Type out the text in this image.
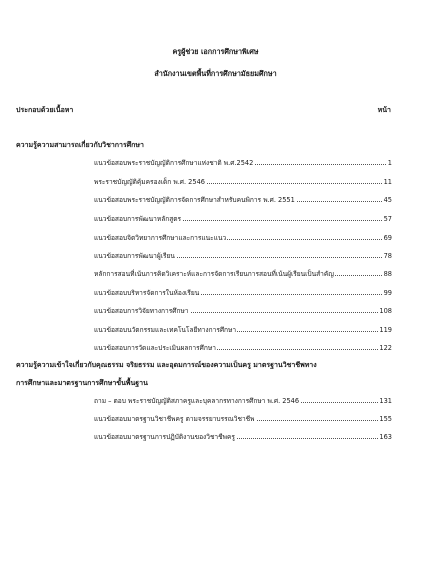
ครูผู้ช่วย เอกการศึกษาพิเศษ
สำนักงานเขตพื้นที่การศึกษามัธยมศึกษา
ประกอบด้วยเนื้อหา	หน้า
ความรู้ความสามารถเกี่ยวกับวิชาการศึกษา
แนวข้อสอบพระราชบัญญัติการศึกษาแห่งชาติ พ.ศ.2542	1
พระราชบัญญัติคุ้มครองเด็ก พ.ศ. 2546	11
แนวข้อสอบพระราชบัญญัติการจัดการศึกษาสำหรับคนพิการ พ.ศ. 2551	45
แนวข้อสอบการพัฒนาหลักสูตร	57
แนวข้อสอบจิตวิทยาการศึกษาและการแนะแนว	69
แนวข้อสอบการพัฒนาผู้เรียน	78
หลักการสอนที่เน้นการคิดวิเคราะห์และการจัดการเรียนการสอนที่เน้นผู้เรียนเป็นสำคัญ	88
แนวข้อสอบบริหารจัดการในห้องเรียน	99
แนวข้อสอบการวิจัยทางการศึกษา	108
แนวข้อสอบนวัตกรรมและเทคโนโลยีทางการศึกษา	119
แนวข้อสอบการวัดและประเมินผลการศึกษา	122
ความรู้ความเข้าใจเกี่ยวกับคุณธรรม จริยธรรม และอุดมการณ์ของความเป็นครู มาตรฐานวิชาชีพทาง
การศึกษาและมาตรฐานการศึกษาขั้นพื้นฐาน
ถาม – ตอบ พระราชบัญญัติสภาครูและบุคลากรทางการศึกษา พ.ศ. 2546	131
แนวข้อสอบมาตรฐานวิชาชีพครู ตามจรรยาบรรณวิชาชีพ	155
แนวข้อสอบมาตรฐานการปฏิบัติงานของวิชาชีพครู	163
